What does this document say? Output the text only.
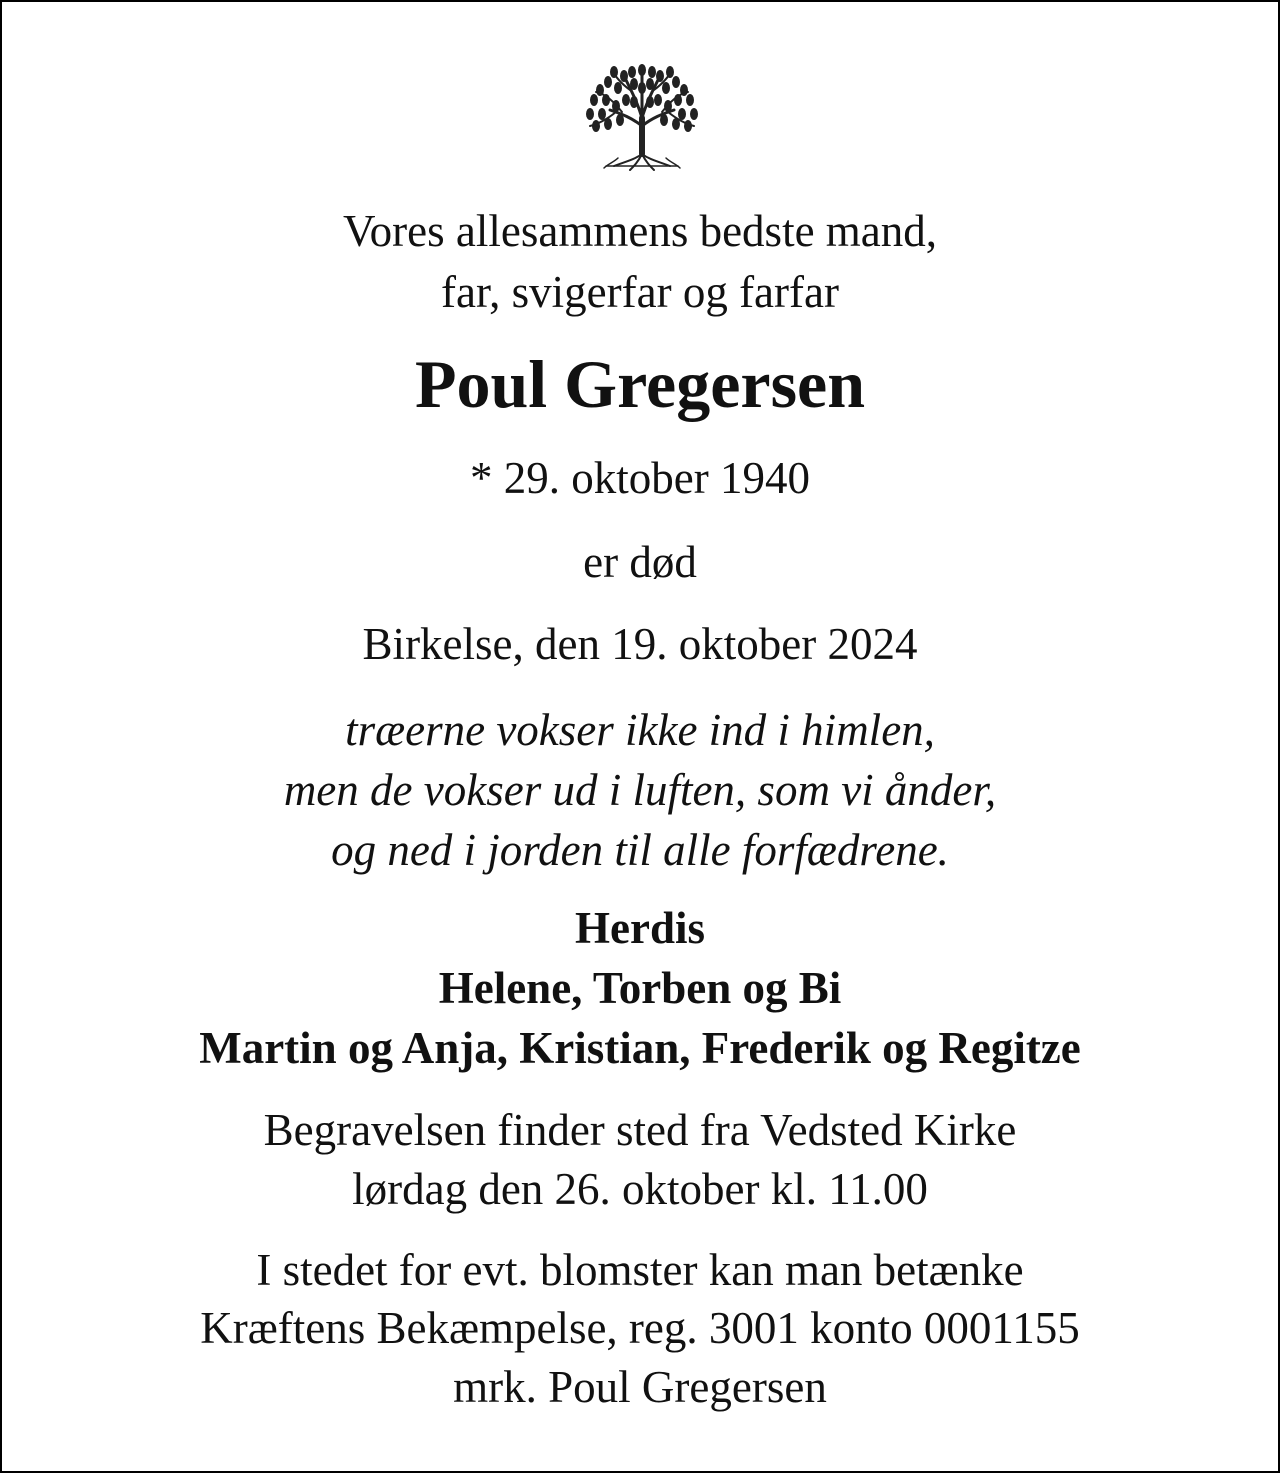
Vores allesammens bedste mand,
far, svigerfar og farfar
Poul Gregersen
* 29. oktober 1940
er død
Birkelse, den 19. oktober 2024
træerne vokser ikke ind i himlen,
men de vokser ud i luften, som vi ånder,
og ned i jorden til alle forfædrene.
Herdis
Helene, Torben og Bi
Martin og Anja, Kristian, Frederik og Regitze
Begravelsen finder sted fra Vedsted Kirke
lørdag den 26. oktober kl. 11.00
I stedet for evt. blomster kan man betænke
Kræftens Bekæmpelse, reg. 3001 konto 0001155
mrk. Poul Gregersen
